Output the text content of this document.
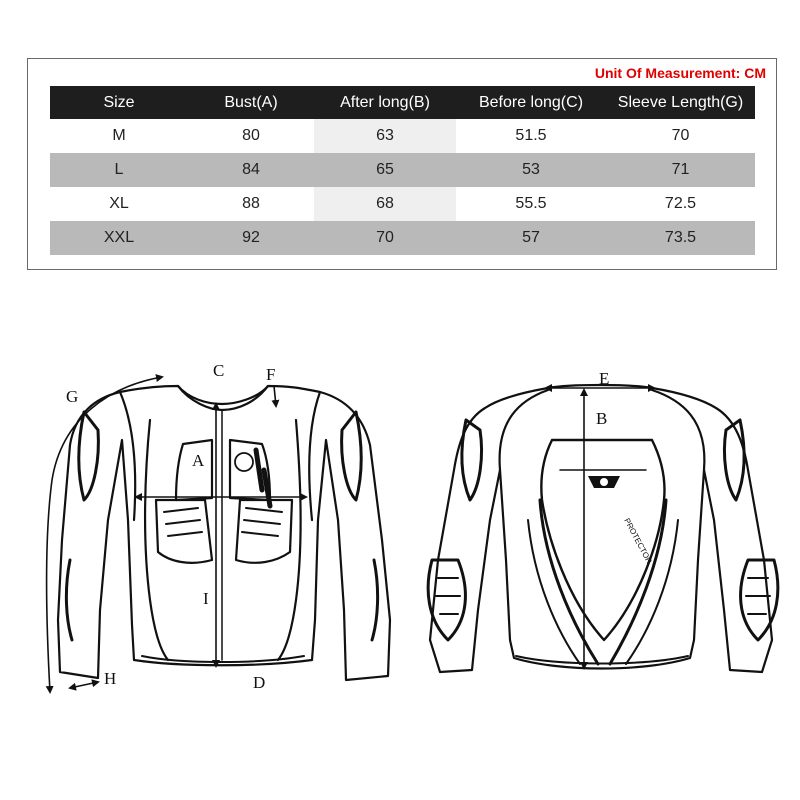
Unit Of Measurement: CM
Size	Bust(A)	After long(B)	Before long(C)	Sleeve Length(G)
M	80	63	51.5	70
L	84	65	53	71
XL	88	68	55.5	72.5
XXL	92	70	57	73.5
A
C
D
F
G
H
I
PROTECTOR
B
E
